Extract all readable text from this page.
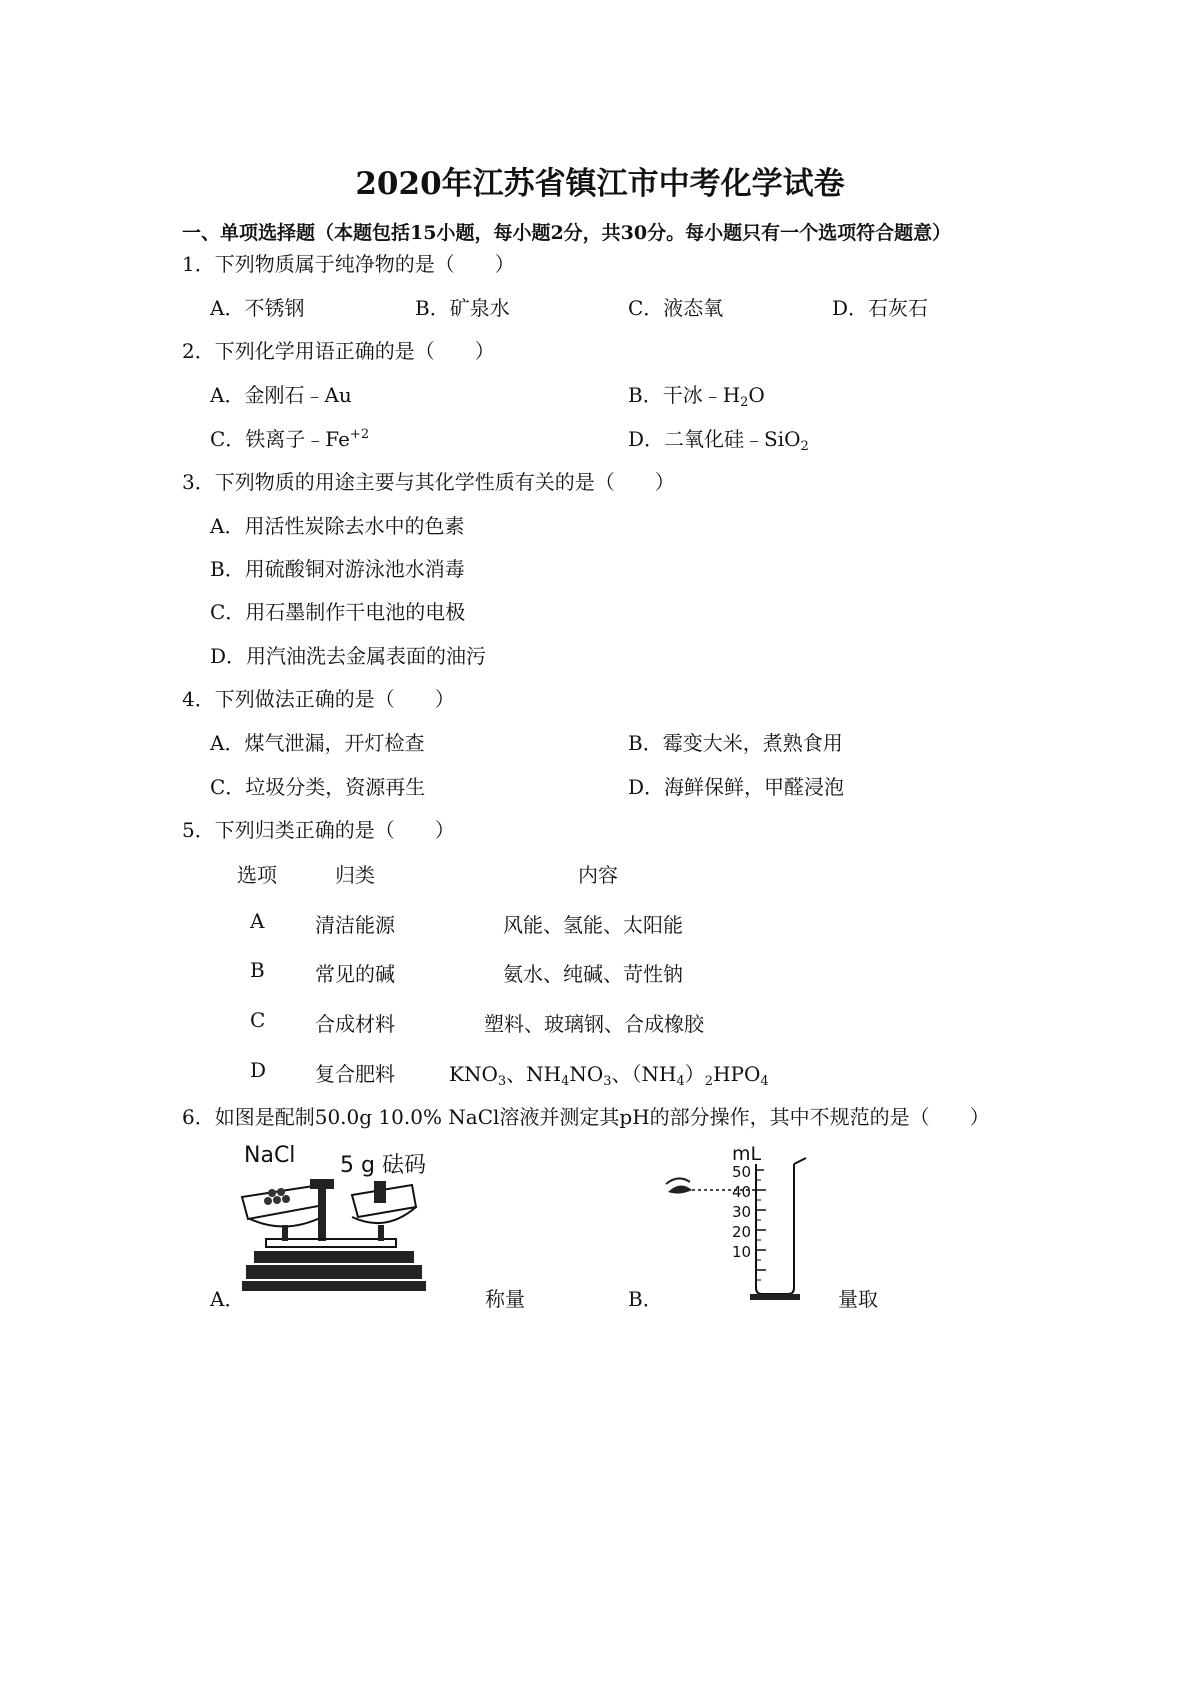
2020年江苏省镇江市中考化学试卷
一、单项选择题（本题包括15小题，每小题2分，共30分。每小题只有一个选项符合题意）
1．下列物质属于纯净物的是（　　）
A．不锈钢	B．矿泉水	C．液态氧	D．石灰石
2．下列化学用语正确的是（　　）
A．金刚石﹣Au	B．干冰$﹣H_2O$
C．铁离子$﹣Fe^{+2}$	D．二氧化硅﹣SiO$_2$
3．下列物质的用途主要与其化学性质有关的是（　　）
A．用活性炭除去水中的色素
B．用硫酸铜对游泳池水消毒
C．用石墨制作干电池的电极
D．用汽油洗去金属表面的油污
4．下列做法正确的是（　　）
A．煤气泄漏，开灯检查	B．霉变大米，煮熟食用
C．垃圾分类，资源再生	D．海鲜保鲜，甲醛浸泡
5．下列归类正确的是（　　）
选项	归类	内容
A	清洁能源	风能、氢能、太阳能
B	常见的碱	氨水、纯碱、苛性钠
C 合成材料	塑料、玻璃钢、合成橡胶
D 复合肥料	$KNO_3$、$NH_4NO_3$、$(NH_4)_2HPO_4$
6．如图是配制50.0g 10.0% NaCl溶液并测定其pH的部分操作，其中不规范的是（　　）
NaCl 5 g 砝码
A．	称量
mL
50
40
30
20
10
B．	量取
